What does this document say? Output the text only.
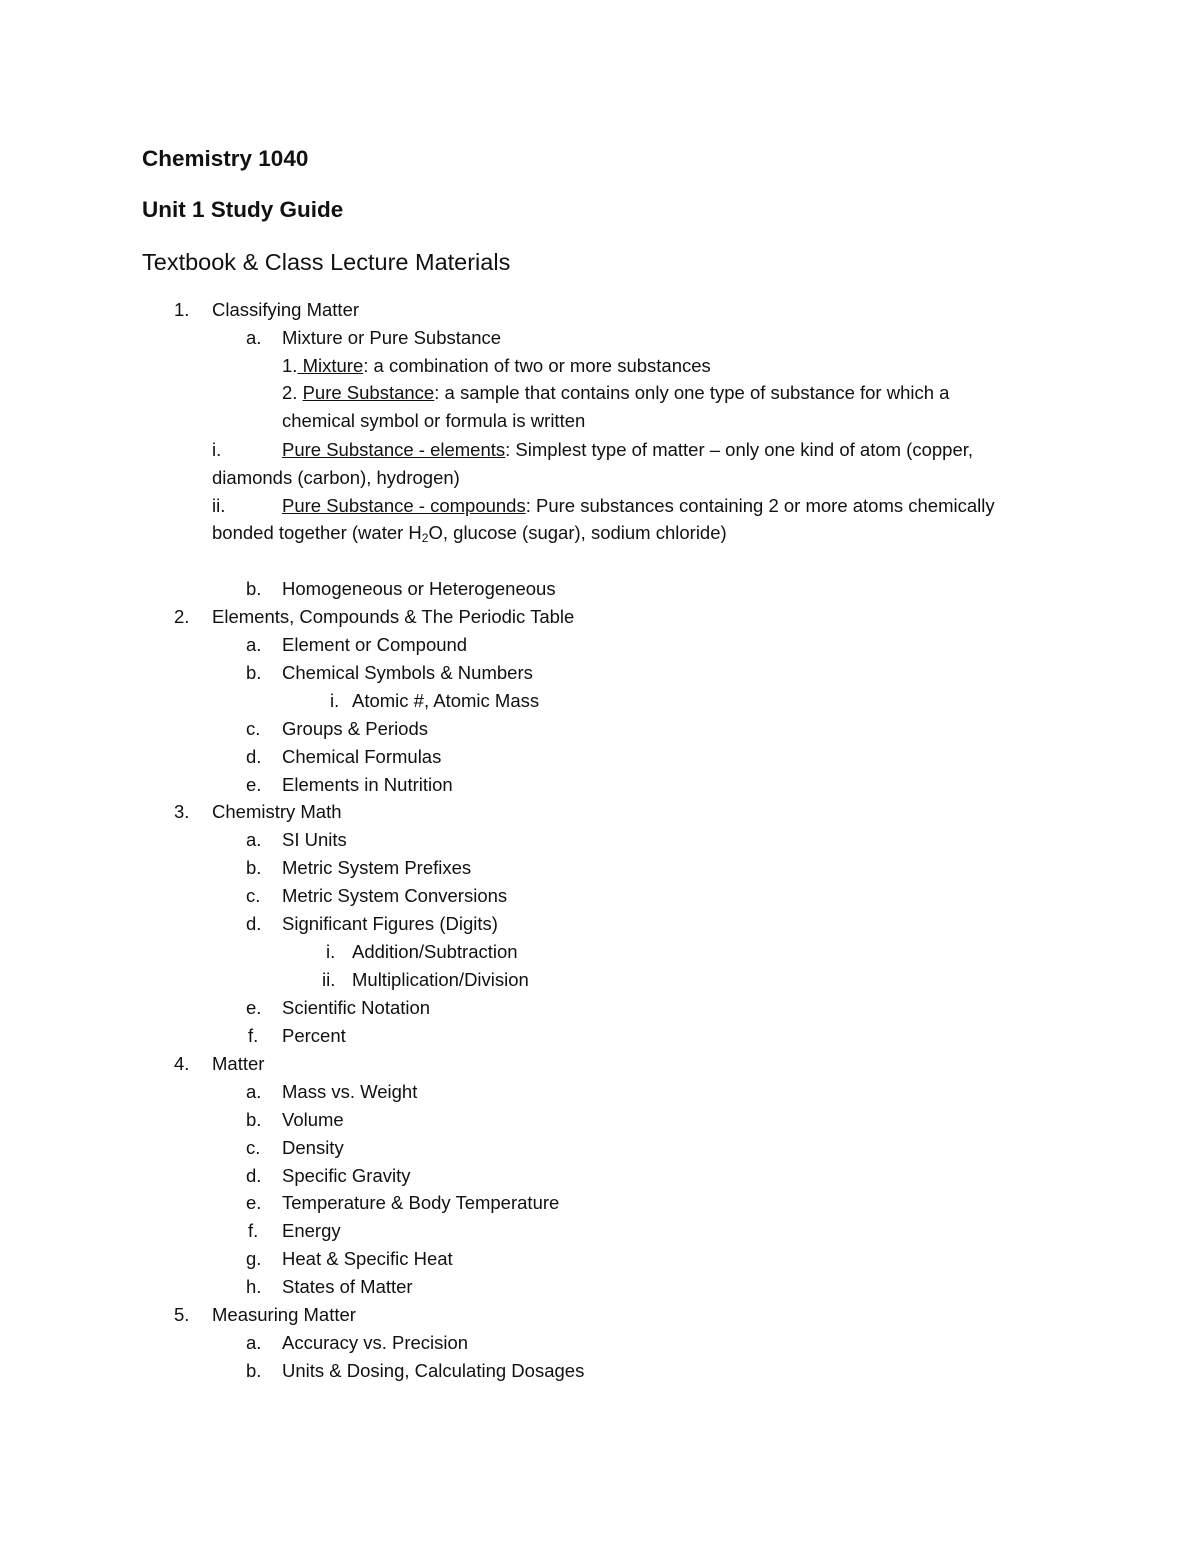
Chemistry 1040
Unit 1 Study Guide
Textbook & Class Lecture Materials
1. Classifying Matter
a. Mixture or Pure Substance
1. Mixture: a combination of two or more substances
2. Pure Substance: a sample that contains only one type of substance for which a
chemical symbol or formula is written
i.	Pure Substance - elements: Simplest type of matter – only one kind of atom (copper,
diamonds (carbon), hydrogen)
ii.	Pure Substance - compounds: Pure substances containing 2 or more atoms chemically
bonded together (water $H_2O$, glucose (sugar), sodium chloride)
b. Homogeneous or Heterogeneous
2. Elements, Compounds & The Periodic Table
a. Element or Compound
b. Chemical Symbols & Numbers
i. Atomic #, Atomic Mass
c. Groups & Periods
d. Chemical Formulas
e. Elements in Nutrition
3. Chemistry Math
a. SI Units
b. Metric System Prefixes
c. Metric System Conversions
d. Significant Figures (Digits)
i. Addition/Subtraction
ii. Multiplication/Division
e. Scientific Notation
f. Percent
4. Matter
a. Mass vs. Weight
b. Volume
c. Density
d. Specific Gravity
e. Temperature & Body Temperature
f. Energy
g. Heat & Specific Heat
h. States of Matter
5. Measuring Matter
a. Accuracy vs. Precision
b. Units & Dosing, Calculating Dosages
